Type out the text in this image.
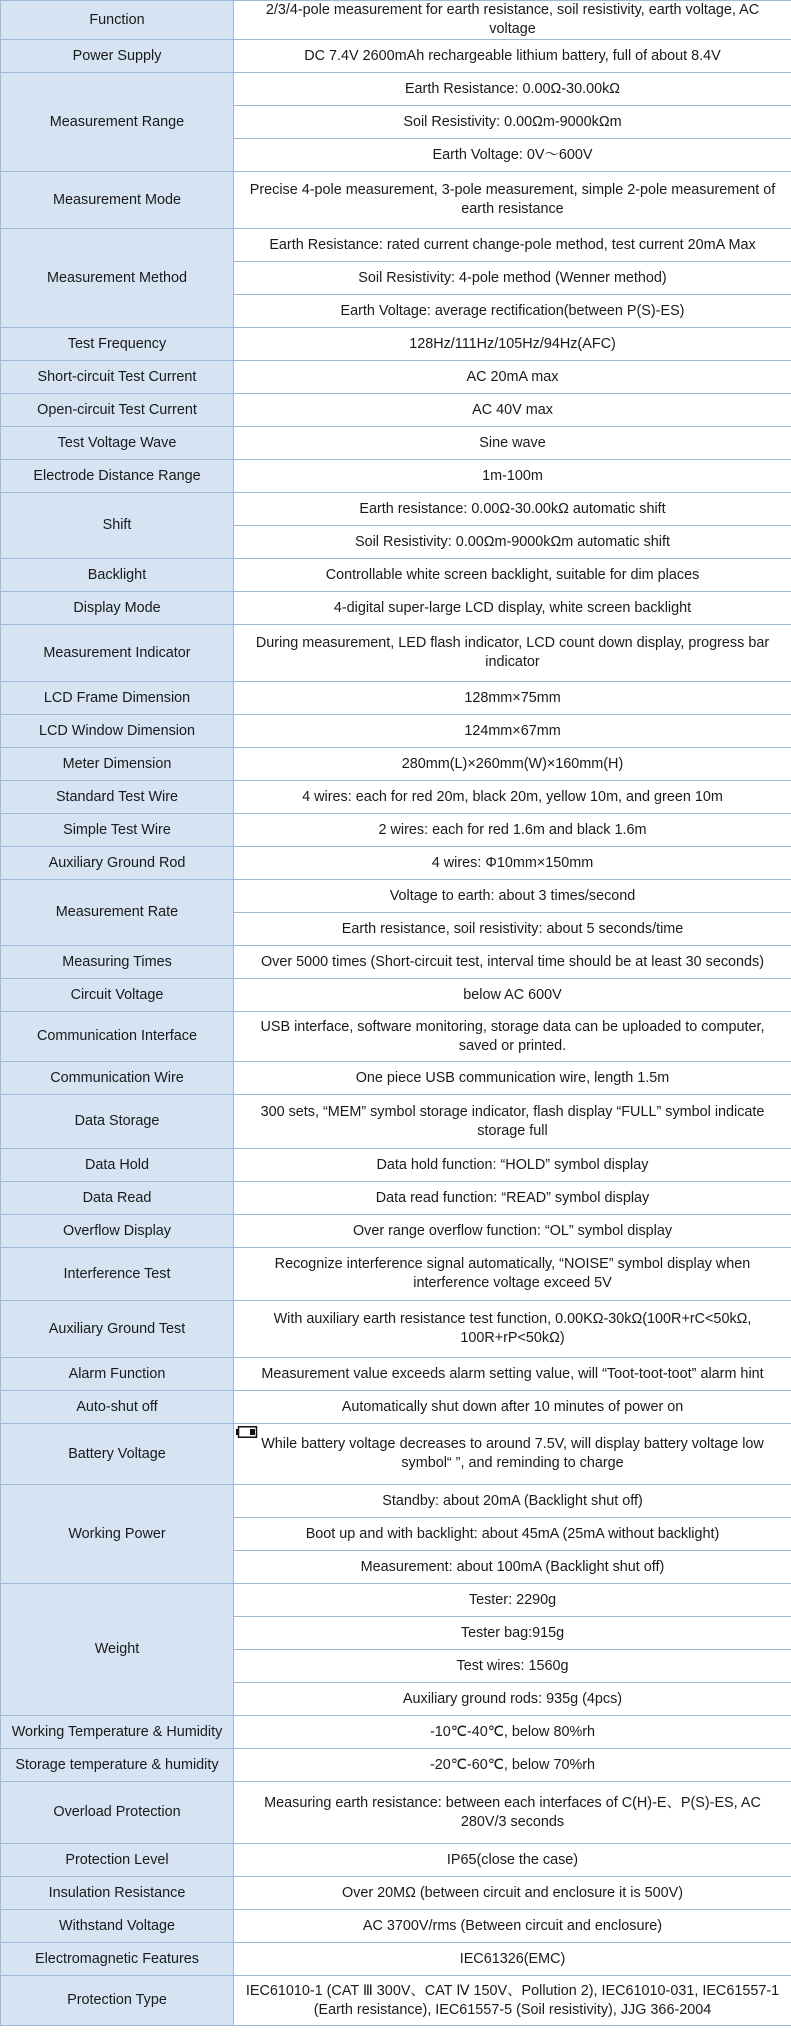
Function	2/3/4-pole measurement for earth resistance, soil resistivity, earth voltage, AC voltage
Power Supply	DC 7.4V 2600mAh rechargeable lithium battery, full of about 8.4V
Measurement Range	Earth Resistance: 0.00Ω-30.00kΩ
	Soil Resistivity: 0.00Ωm-9000kΩm
	Earth Voltage: 0V～600V
Measurement Mode	Precise 4-pole measurement, 3-pole measurement, simple 2-pole measurement of earth resistance
Measurement Method	Earth Resistance: rated current change-pole method, test current 20mA Max
	Soil Resistivity: 4-pole method (Wenner method)
	Earth Voltage: average rectification(between P(S)-ES)
Test Frequency	128Hz/111Hz/105Hz/94Hz(AFC)
Short-circuit Test Current	AC 20mA max
Open-circuit Test Current	AC 40V max
Test Voltage Wave	Sine wave
Electrode Distance Range	1m-100m
Shift	Earth resistance: 0.00Ω-30.00kΩ automatic shift
	Soil Resistivity: 0.00Ωm-9000kΩm automatic shift
Backlight	Controllable white screen backlight, suitable for dim places
Display Mode	4-digital super-large LCD display, white screen backlight
Measurement Indicator	During measurement, LED flash indicator, LCD count down display, progress bar indicator
LCD Frame Dimension	128mm×75mm
LCD Window Dimension	124mm×67mm
Meter Dimension	280mm(L)×260mm(W)×160mm(H)
Standard Test Wire	4 wires: each for red 20m, black 20m, yellow 10m, and green 10m
Simple Test Wire	2 wires: each for red 1.6m and black 1.6m
Auxiliary Ground Rod	4 wires: Φ10mm×150mm
Measurement Rate	Voltage to earth: about 3 times/second
	Earth resistance, soil resistivity: about 5 seconds/time
Measuring Times	Over 5000 times (Short-circuit test, interval time should be at least 30 seconds)
Circuit Voltage	below AC 600V
Communication Interface	USB interface, software monitoring, storage data can be uploaded to computer, saved or printed.
Communication Wire	One piece USB communication wire, length 1.5m
Data Storage	300 sets, “MEM” symbol storage indicator, flash display “FULL” symbol indicate storage full
Data Hold	Data hold function: “HOLD” symbol display
Data Read	Data read function: “READ” symbol display
Overflow Display	Over range overflow function: “OL” symbol display
Interference Test	Recognize interference signal automatically, “NOISE” symbol display when interference voltage exceed 5V
Auxiliary Ground Test	With auxiliary earth resistance test function, 0.00KΩ-30kΩ(100R+rC<50kΩ, 100R+rP<50kΩ)
Alarm Function	Measurement value exceeds alarm setting value, will “Toot-toot-toot” alarm hint
Auto-shut off	Automatically shut down after 10 minutes of power on
Battery Voltage	While battery voltage decreases to around 7.5V, will display battery voltage low symbol“ ”, and reminding to charge

Working Power	Standby: about 20mA (Backlight shut off)
	Boot up and with backlight: about 45mA (25mA without backlight)
	Measurement: about 100mA (Backlight shut off)
Weight	Tester: 2290g
	Tester bag:915g
	Test wires: 1560g
	Auxiliary ground rods: 935g (4pcs)
Working Temperature & Humidity	-10℃-40℃, below 80%rh
Storage temperature & humidity	-20℃-60℃, below 70%rh
Overload Protection	Measuring earth resistance: between each interfaces of C(H)-E、P(S)-ES, AC 280V/3 seconds
Protection Level	IP65(close the case)
Insulation Resistance	Over 20MΩ (between circuit and enclosure it is 500V)
Withstand Voltage	AC 3700V/rms (Between circuit and enclosure)
Electromagnetic Features	IEC61326(EMC)
Protection Type	IEC61010-1 (CAT Ⅲ 300V、CAT Ⅳ 150V、Pollution 2), IEC61010-031, IEC61557-1 (Earth resistance), IEC61557-5 (Soil resistivity), JJG 366-2004
